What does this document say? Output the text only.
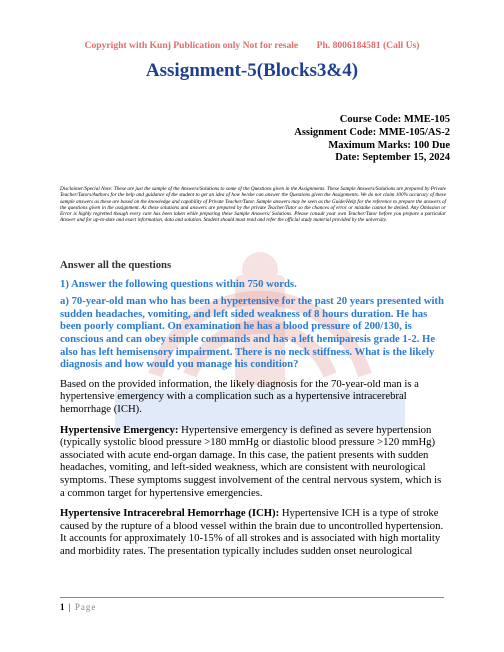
Copyright with Kunj Publication only Not for resale Ph. 8006184581 (Call Us)
Assignment-5(Blocks3&4)
Course Code: MME-105
Assignment Code: MME-105/AS-2
Maximum Marks: 100 Due
Date: September 15, 2024
Disclaimer/Special Note: These are just the sample of the Answers/Solutions to some of the Questions given in the Assignments. These Sample Answers/Solutions are prepared by Private Teacher/Tutors/Authors for the help and guidance of the student to get an idea of how he/she can answer the Questions given the Assignments. We do not claim 100% accuracy of these sample answers as these are based on the knowledge and capability of Private Teacher/Tutor. Sample answers may be seen as the Guide/Help for the reference to prepare the answers of the questions given in the assignment. As these solutions and answers are prepared by the private Teacher/Tutor so the chances of error or mistake cannot be denied. Any Omission or Error is highly regretted though every care has been taken while preparing these Sample Answers/ Solutions. Please consult your own Teacher/Tutor before you prepare a particular Answer and for up-to-date and exact information, data and solution. Student should must read and refer the official study material provided by the university.

Answer all the questions

1) Answer the following questions within 750 words.

a) 70-year-old man who has been a hypertensive for the past 20 years presented with sudden headaches, vomiting, and left sided weakness of 8 hours duration. He has been poorly compliant. On examination he has a blood pressure of 200/130, is conscious and can obey simple commands and has a left hemiparesis grade 1-2. He also has left hemisensory impairment. There is no neck stiffness. What is the likely diagnosis and how would you manage his condition?

Based on the provided information, the likely diagnosis for the 70-year-old man is a hypertensive emergency with a complication such as a hypertensive intracerebral hemorrhage (ICH).

Hypertensive Emergency: Hypertensive emergency is defined as severe hypertension (typically systolic blood pressure >180 mmHg or diastolic blood pressure >120 mmHg) associated with acute end-organ damage. In this case, the patient presents with sudden headaches, vomiting, and left-sided weakness, which are consistent with neurological symptoms. These symptoms suggest involvement of the central nervous system, which is a common target for hypertensive emergencies.

Hypertensive Intracerebral Hemorrhage (ICH): Hypertensive ICH is a type of stroke caused by the rupture of a blood vessel within the brain due to uncontrolled hypertension. It accounts for approximately 10-15% of all strokes and is associated with high mortality and morbidity rates. The presentation typically includes sudden onset neurological

1 | Page
